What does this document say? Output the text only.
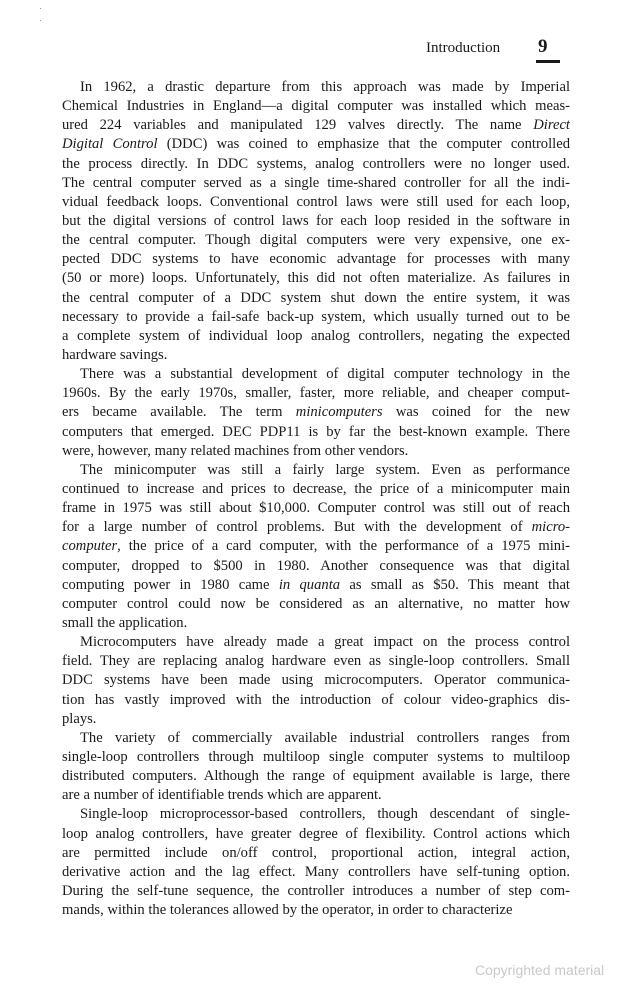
Introduction 9

In 1962, a drastic departure from this approach was made by Imperial
Chemical Industries in England—a digital computer was installed which meas-
ured 224 variables and manipulated 129 valves directly. The name Direct
Digital Control (DDC) was coined to emphasize that the computer controlled
the process directly. In DDC systems, analog controllers were no longer used.
The central computer served as a single time-shared controller for all the indi-
vidual feedback loops. Conventional control laws were still used for each loop,
but the digital versions of control laws for each loop resided in the software in
the central computer. Though digital computers were very expensive, one ex-
pected DDC systems to have economic advantage for processes with many
(50 or more) loops. Unfortunately, this did not often materialize. As failures in
the central computer of a DDC system shut down the entire system, it was
necessary to provide a fail-safe back-up system, which usually turned out to be
a complete system of individual loop analog controllers, negating the expected
hardware savings.

There was a substantial development of digital computer technology in the
1960s. By the early 1970s, smaller, faster, more reliable, and cheaper comput-
ers became available. The term minicomputers was coined for the new
computers that emerged. DEC PDP11 is by far the best-known example. There
were, however, many related machines from other vendors.

The minicomputer was still a fairly large system. Even as performance
continued to increase and prices to decrease, the price of a minicomputer main
frame in 1975 was still about $10,000. Computer control was still out of reach
for a large number of control problems. But with the development of micro-
computer, the price of a card computer, with the performance of a 1975 mini-
computer, dropped to $500 in 1980. Another consequence was that digital
computing power in 1980 came in quanta as small as $50. This meant that
computer control could now be considered as an alternative, no matter how
small the application.

Microcomputers have already made a great impact on the process control
field. They are replacing analog hardware even as single-loop controllers. Small
DDC systems have been made using microcomputers. Operator communica-
tion has vastly improved with the introduction of colour video-graphics dis-
plays.

The variety of commercially available industrial controllers ranges from
single-loop controllers through multiloop single computer systems to multiloop
distributed computers. Although the range of equipment available is large, there
are a number of identifiable trends which are apparent.

Single-loop microprocessor-based controllers, though descendant of single-
loop analog controllers, have greater degree of flexibility. Control actions which
are permitted include on/off control, proportional action, integral action,
derivative action and the lag effect. Many controllers have self-tuning option.
During the self-tune sequence, the controller introduces a number of step com-
mands, within the tolerances allowed by the operator, in order to characterize

Copyrighted material
